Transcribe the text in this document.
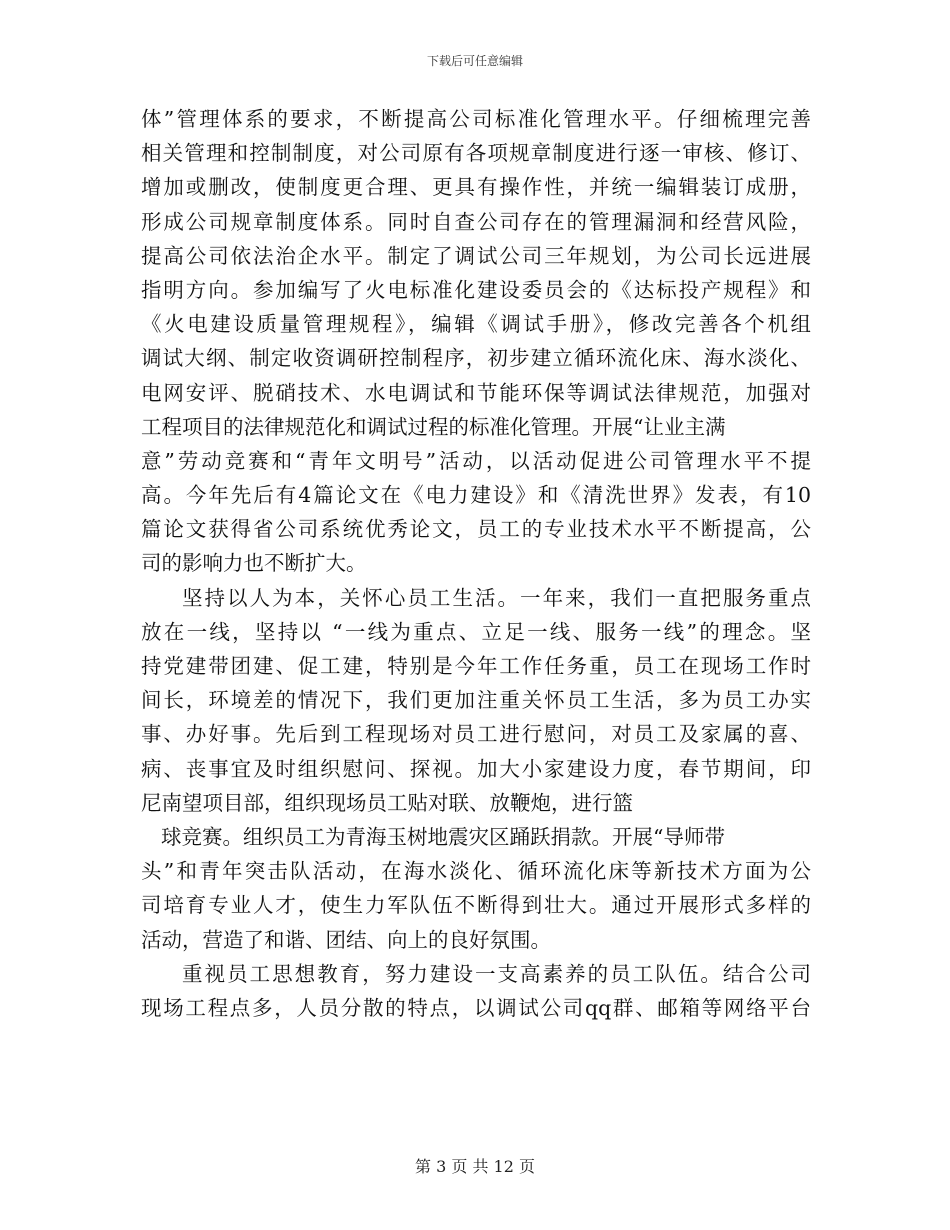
下载后可任意编辑
体”管理体系的要求，不断提高公司标准化管理水平。仔细梳理完善
相关管理和控制制度，对公司原有各项规章制度进行逐一审核、修订、
增加或删改，使制度更合理、更具有操作性，并统一编辑装订成册，
形成公司规章制度体系。同时自查公司存在的管理漏洞和经营风险，
提高公司依法治企水平。制定了调试公司三年规划，为公司长远进展
指明方向。参加编写了火电标准化建设委员会的《达标投产规程》和
《火电建设质量管理规程》，编辑《调试手册》，修改完善各个机组
调试大纲、制定收资调研控制程序，初步建立循环流化床、海水淡化、
电网安评、脱硝技术、水电调试和节能环保等调试法律规范，加强对
工程项目的法律规范化和调试过程的标准化管理。开展“让业主满
意”劳动竞赛和“青年文明号”活动，以活动促进公司管理水平不提
高。今年先后有4篇论文在《电力建设》和《清洗世界》发表，有10
篇论文获得省公司系统优秀论文，员工的专业技术水平不断提高，公
司的影响力也不断扩大。
坚持以人为本，关怀心员工生活。一年来，我们一直把服务重点
放在一线，坚持以 “一线为重点、立足一线、服务一线”的理念。坚
持党建带团建、促工建，特别是今年工作任务重，员工在现场工作时
间长，环境差的情况下，我们更加注重关怀员工生活，多为员工办实
事、办好事。先后到工程现场对员工进行慰问，对员工及家属的喜、
病、丧事宜及时组织慰问、探视。加大小家建设力度，春节期间，印
尼南望项目部，组织现场员工贴对联、放鞭炮，进行篮
球竞赛。组织员工为青海玉树地震灾区踊跃捐款。开展“导师带
头”和青年突击队活动，在海水淡化、循环流化床等新技术方面为公
司培育专业人才，使生力军队伍不断得到壮大。通过开展形式多样的
活动，营造了和谐、团结、向上的良好氛围。
重视员工思想教育，努力建设一支高素养的员工队伍。结合公司
现场工程点多，人员分散的特点，以调试公司qq群、邮箱等网络平台
第 3 页 共 12 页
